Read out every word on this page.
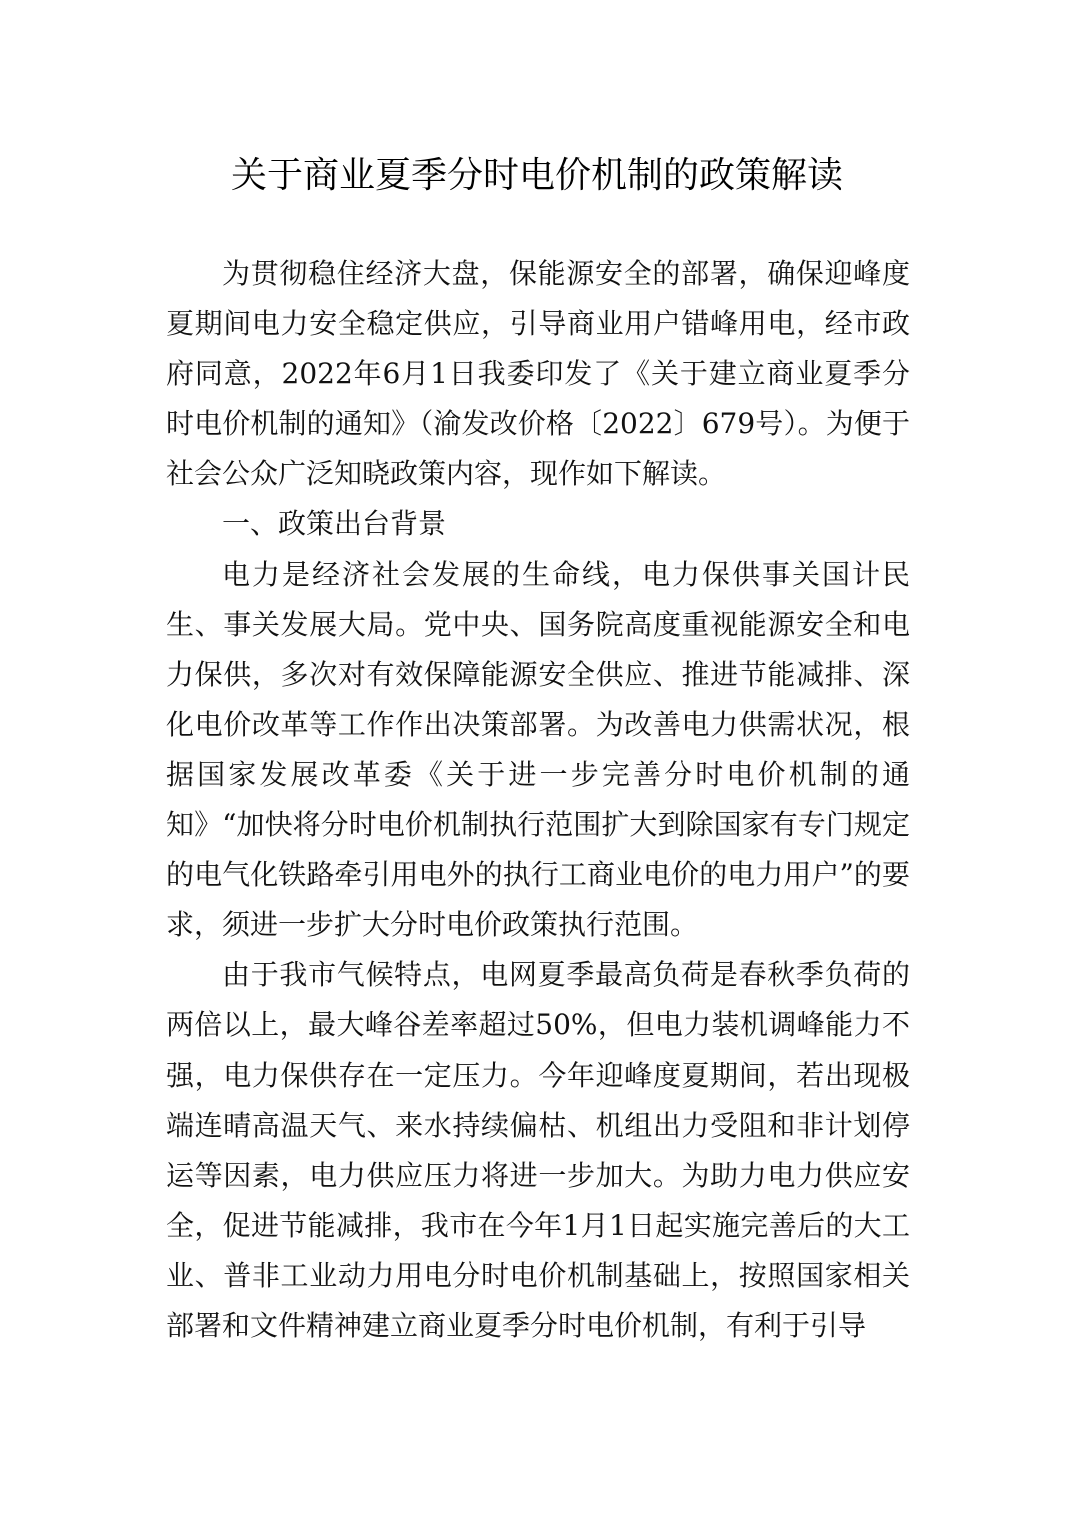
关于商业夏季分时电价机制的政策解读

为贯彻稳住经济大盘，保能源安全的部署，确保迎峰度夏期间电力安全稳定供应，引导商业用户错峰用电，经市政府同意，2022年6月1日我委印发了《关于建立商业夏季分时电价机制的通知》（渝发改价格〔2022〕679号）。为便于社会公众广泛知晓政策内容，现作如下解读。

一、政策出台背景

电力是经济社会发展的生命线，电力保供事关国计民生、事关发展大局。党中央、国务院高度重视能源安全和电力保供，多次对有效保障能源安全供应、推进节能减排、深化电价改革等工作作出决策部署。为改善电力供需状况，根据国家发展改革委《关于进一步完善分时电价机制的通知》“加快将分时电价机制执行范围扩大到除国家有专门规定的电气化铁路牵引用电外的执行工商业电价的电力用户”的要求，须进一步扩大分时电价政策执行范围。

由于我市气候特点，电网夏季最高负荷是春秋季负荷的两倍以上，最大峰谷差率超过50%，但电力装机调峰能力不强，电力保供存在一定压力。今年迎峰度夏期间，若出现极端连晴高温天气、来水持续偏枯、机组出力受阻和非计划停运等因素，电力供应压力将进一步加大。为助力电力供应安全，促进节能减排，我市在今年1月1日起实施完善后的大工业、普非工业动力用电分时电价机制基础上，按照国家相关部署和文件精神建立商业夏季分时电价机制，有利于引导
